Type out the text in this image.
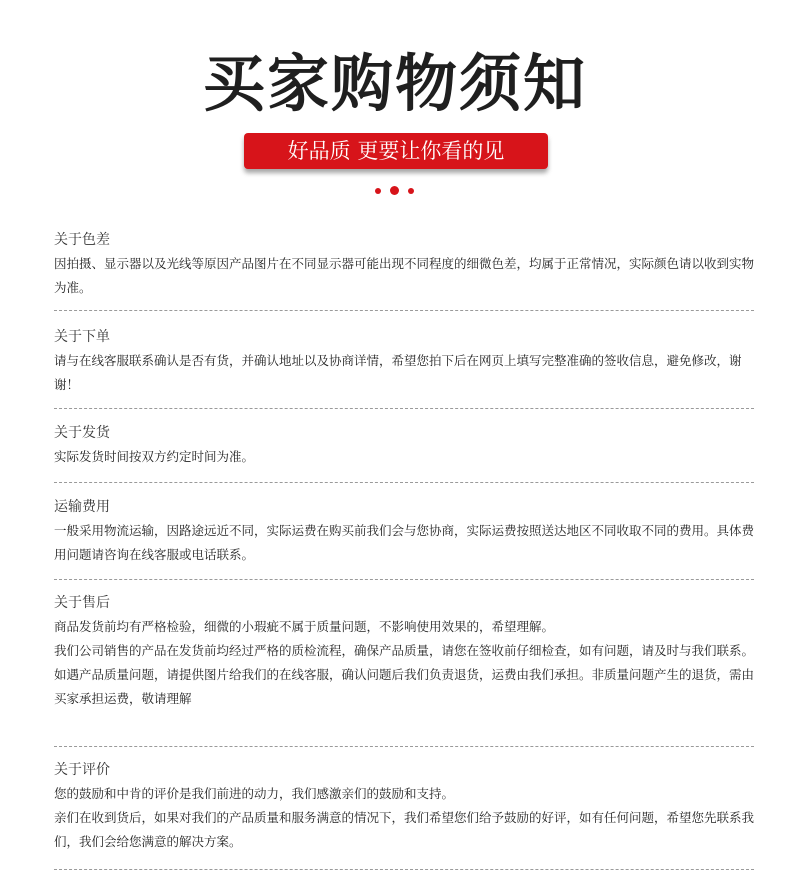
买家购物须知
好品质 更要让你看的见
关于色差
因拍摄、显示器以及光线等原因产品图片在不同显示器可能出现不同程度的细微色差，均属于正常情况，实际颜色请以收到实物为准。
关于下单
请与在线客服联系确认是否有货，并确认地址以及协商详情，希望您拍下后在网页上填写完整准确的签收信息，避免修改，谢谢！
关于发货
实际发货时间按双方约定时间为准。
运输费用
一般采用物流运输，因路途远近不同，实际运费在购买前我们会与您协商，实际运费按照送达地区不同收取不同的费用。具体费用问题请咨询在线客服或电话联系。
关于售后
商品发货前均有严格检验，细微的小瑕疵不属于质量问题，不影响使用效果的，希望理解。
我们公司销售的产品在发货前均经过严格的质检流程，确保产品质量，请您在签收前仔细检查，如有问题，请及时与我们联系。
如遇产品质量问题，请提供图片给我们的在线客服，确认问题后我们负责退货，运费由我们承担。非质量问题产生的退货，需由买家承担运费，敬请理解
关于评价
您的鼓励和中肯的评价是我们前进的动力，我们感激亲们的鼓励和支持。
亲们在收到货后，如果对我们的产品质量和服务满意的情况下，我们希望您们给予鼓励的好评，如有任何问题，希望您先联系我们，我们会给您满意的解决方案。
